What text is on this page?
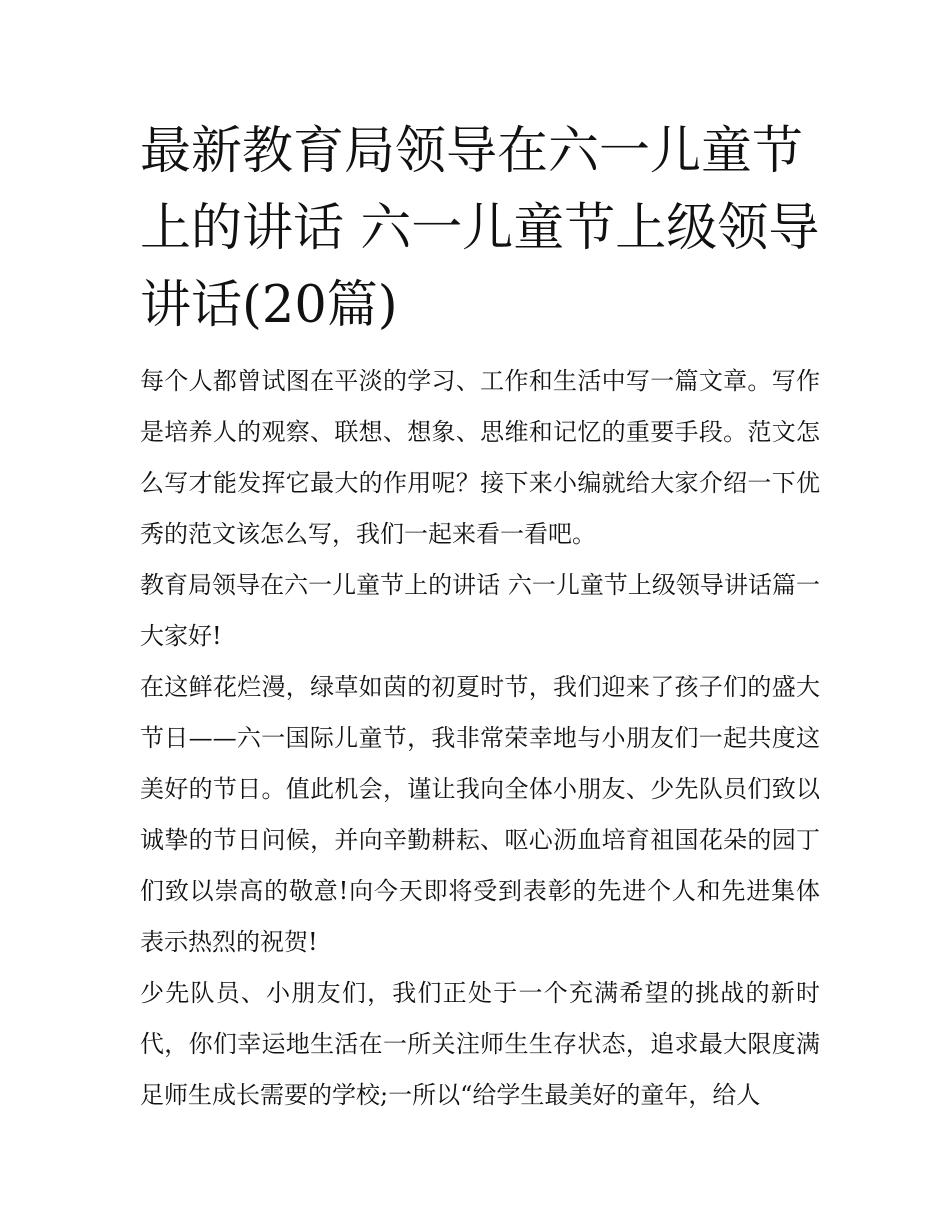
最新教育局领导在六一儿童节上的讲话 六一儿童节上级领导讲话(20篇)

每个人都曾试图在平淡的学习、工作和生活中写一篇文章。写作是培养人的观察、联想、想象、思维和记忆的重要手段。范文怎么写才能发挥它最大的作用呢？接下来小编就给大家介绍一下优秀的范文该怎么写，我们一起来看一看吧。

教育局领导在六一儿童节上的讲话 六一儿童节上级领导讲话篇一 大家好!

在这鲜花烂漫，绿草如茵的初夏时节，我们迎来了孩子们的盛大节日——六一国际儿童节，我非常荣幸地与小朋友们一起共度这美好的节日。值此机会，谨让我向全体小朋友、少先队员们致以诚挚的节日问候，并向辛勤耕耘、呕心沥血培育祖国花朵的园丁们致以崇高的敬意!向今天即将受到表彰的先进个人和先进集体表示热烈的祝贺!

少先队员、小朋友们，我们正处于一个充满希望的挑战的新时代，你们幸运地生活在一所关注师生生存状态，追求最大限度满足师生成长需要的学校;一所以“给学生最美好的童年，给人
